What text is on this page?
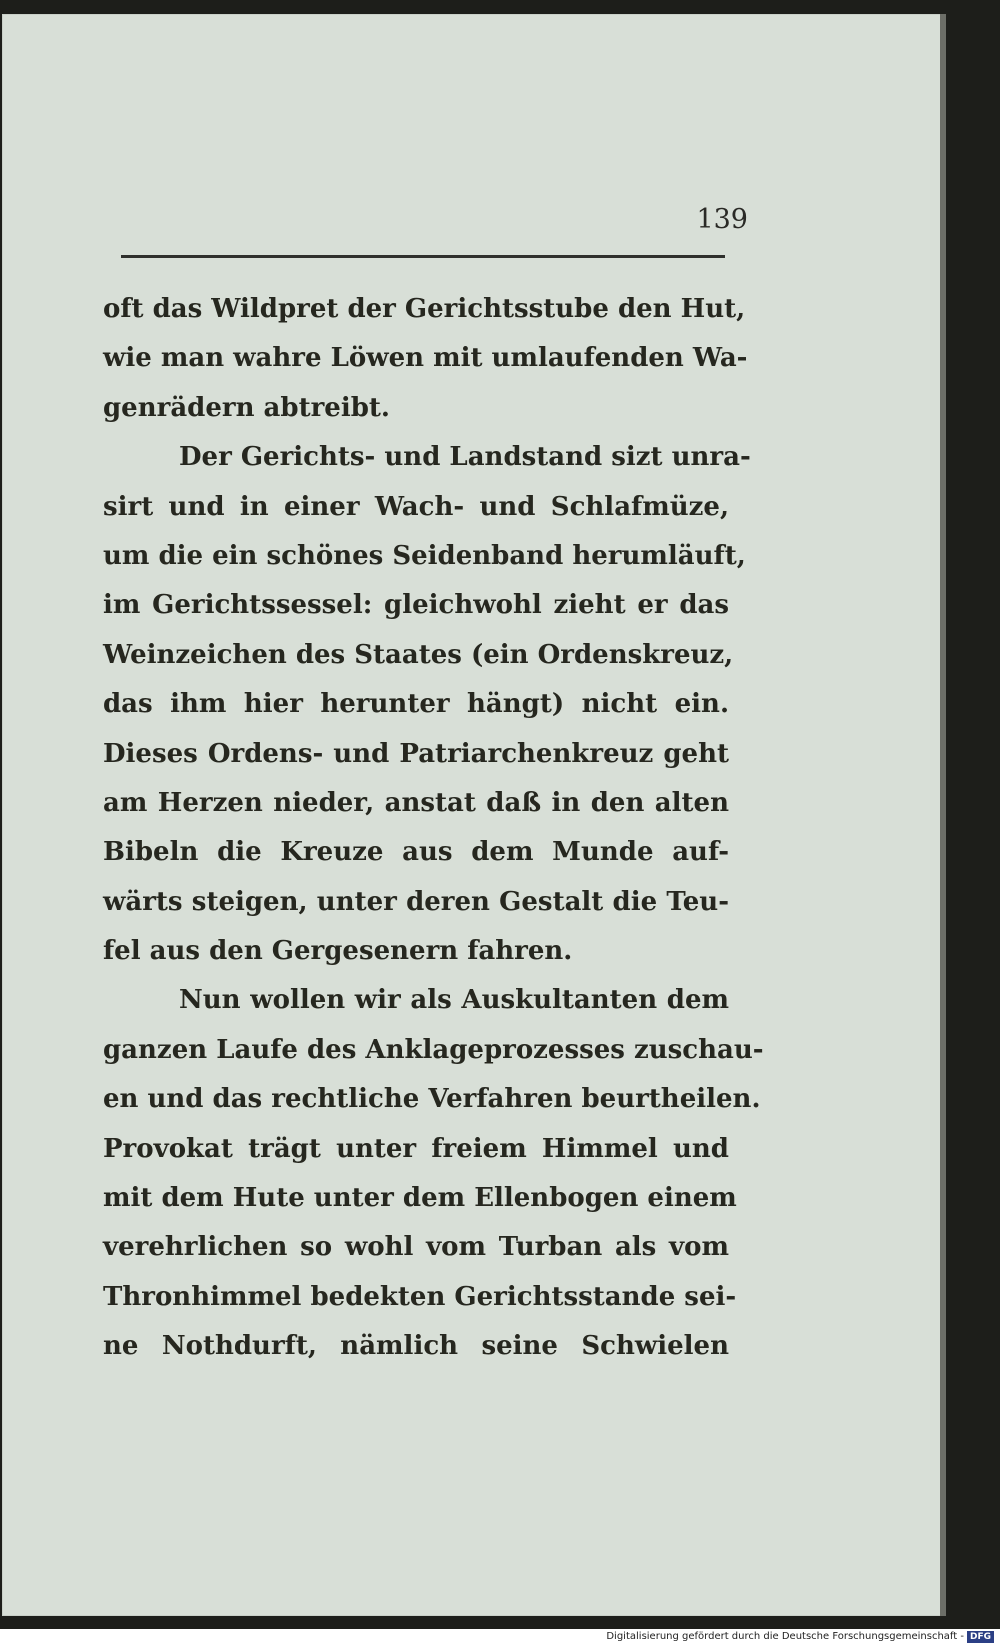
139
oft das Wildpret der Gerichtsstube den Hut,
wie man wahre Löwen mit umlaufenden Wa-
genrädern abtreibt.
Der Gerichts- und Landstand sizt unra-
sirt und in einer Wach- und Schlafmüze,
um die ein schönes Seidenband herumläuft,
im Gerichtssessel: gleichwohl zieht er das
Weinzeichen des Staates (ein Ordenskreuz,
das ihm hier herunter hängt) nicht ein.
Dieses Ordens- und Patriarchenkreuz geht
am Herzen nieder, anstat daß in den alten
Bibeln die Kreuze aus dem Munde auf-
wärts steigen, unter deren Gestalt die Teu-
fel aus den Gergesenern fahren.
Nun wollen wir als Auskultanten dem
ganzen Laufe des Anklageprozesses zuschau-
en und das rechtliche Verfahren beurtheilen.
Provokat trägt unter freiem Himmel und
mit dem Hute unter dem Ellenbogen einem
verehrlichen so wohl vom Turban als vom
Thronhimmel bedekten Gerichtsstande sei-
ne Nothdurft, nämlich seine Schwielen
Digitalisierung gefördert durch die Deutsche Forschungsgemeinschaft - DFG
